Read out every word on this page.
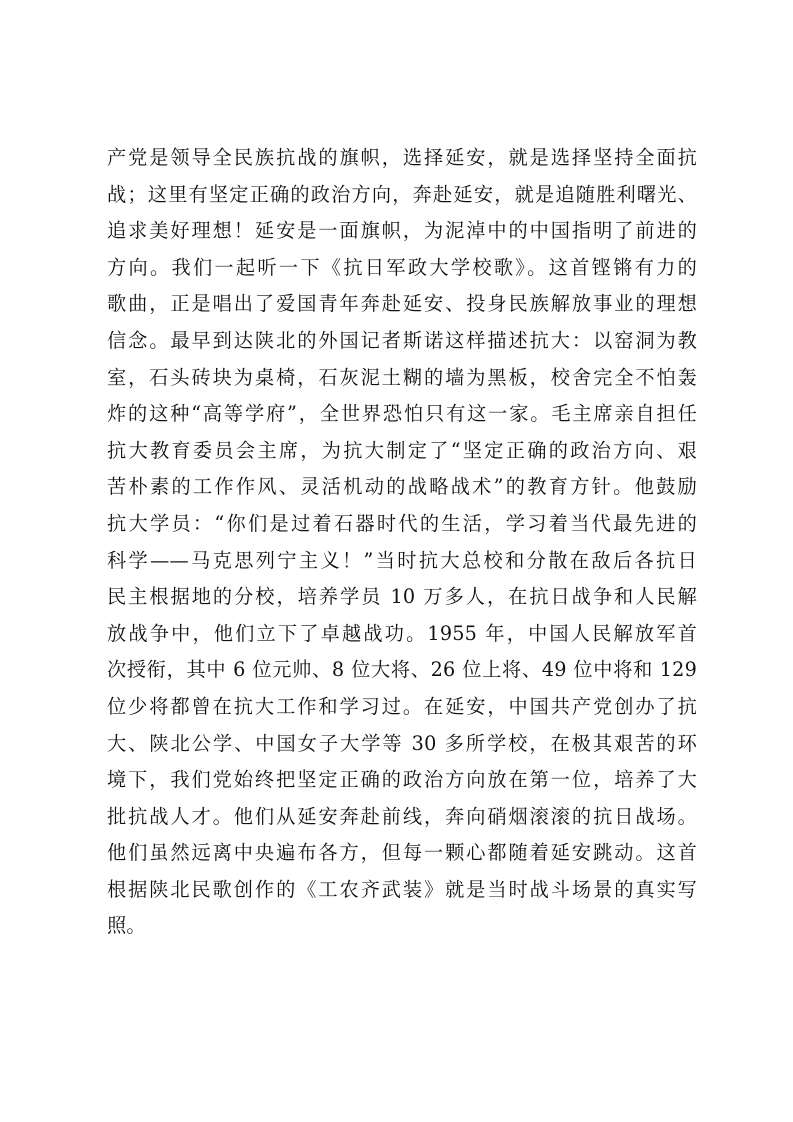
产党是领导全民族抗战的旗帜，选择延安，就是选择坚持全面抗
战；这里有坚定正确的政治方向，奔赴延安，就是追随胜利曙光、
追求美好理想！延安是一面旗帜，为泥淖中的中国指明了前进的
方向。我们一起听一下《抗日军政大学校歌》。这首铿锵有力的
歌曲，正是唱出了爱国青年奔赴延安、投身民族解放事业的理想
信念。最早到达陕北的外国记者斯诺这样描述抗大：以窑洞为教
室，石头砖块为桌椅，石灰泥土糊的墙为黑板，校舍完全不怕轰
炸的这种“高等学府”，全世界恐怕只有这一家。毛主席亲自担任
抗大教育委员会主席，为抗大制定了“坚定正确的政治方向、艰
苦朴素的工作作风、灵活机动的战略战术”的教育方针。他鼓励
抗大学员：“你们是过着石器时代的生活，学习着当代最先进的
科学——马克思列宁主义！”当时抗大总校和分散在敌后各抗日
民主根据地的分校，培养学员 10 万多人，在抗日战争和人民解
放战争中，他们立下了卓越战功。1955 年，中国人民解放军首
次授衔，其中 6 位元帅、8 位大将、26 位上将、49 位中将和 129
位少将都曾在抗大工作和学习过。在延安，中国共产党创办了抗
大、陕北公学、中国女子大学等 30 多所学校，在极其艰苦的环
境下，我们党始终把坚定正确的政治方向放在第一位，培养了大
批抗战人才。他们从延安奔赴前线，奔向硝烟滚滚的抗日战场。
他们虽然远离中央遍布各方，但每一颗心都随着延安跳动。这首
根据陕北民歌创作的《工农齐武装》就是当时战斗场景的真实写
照。
